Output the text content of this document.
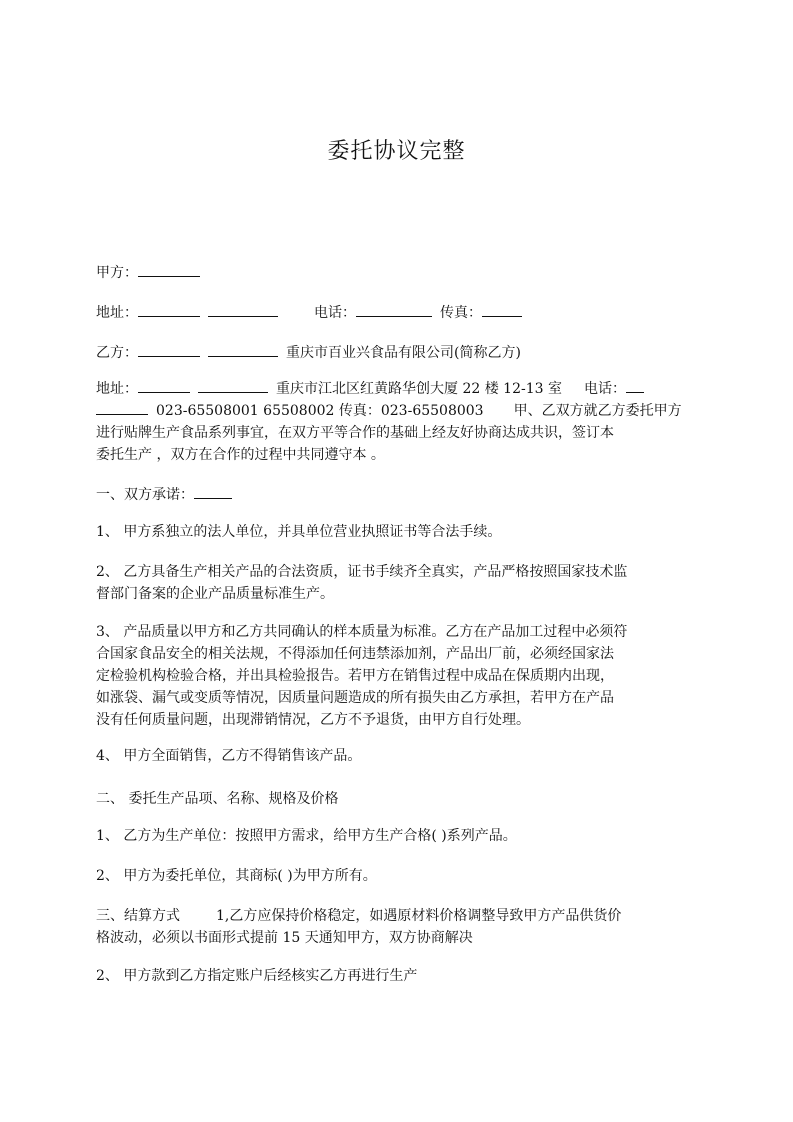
委托协议完整
甲方：
地址：	电话：	传真：
乙方：	重庆市百业兴食品有限公司(简称乙方)
地址：	重庆市江北区红黄路华创大厦 22 楼 12-13 室 电话：
023-65508001 65508002 传真：023-65508003 甲、乙双方就乙方委托甲方
进行贴牌生产食品系列事宜，在双方平等合作的基础上经友好协商达成共识，签订本
委托生产 ，双方在合作的过程中共同遵守本 。
一、双方承诺：
1、 甲方系独立的法人单位，并具单位营业执照证书等合法手续。
2、 乙方具备生产相关产品的合法资质，证书手续齐全真实，产品严格按照国家技术监
督部门备案的企业产品质量标准生产。
3、 产品质量以甲方和乙方共同确认的样本质量为标准。乙方在产品加工过程中必须符
合国家食品安全的相关法规，不得添加任何违禁添加剂，产品出厂前，必须经国家法
定检验机构检验合格，并出具检验报告。若甲方在销售过程中成品在保质期内出现，
如涨袋、漏气或变质等情况，因质量问题造成的所有损失由乙方承担，若甲方在产品
没有任何质量问题，出现滞销情况，乙方不予退货，由甲方自行处理。
4、 甲方全面销售，乙方不得销售该产品。
二、 委托生产品项、名称、规格及价格
1、 乙方为生产单位：按照甲方需求，给甲方生产合格( )系列产品。
2、 甲方为委托单位，其商标( )为甲方所有。
三、结算方式	1,乙方应保持价格稳定，如遇原材料价格调整导致甲方产品供货价
格波动，必须以书面形式提前 15 天通知甲方，双方协商解决
2、 甲方款到乙方指定账户后经核实乙方再进行生产
